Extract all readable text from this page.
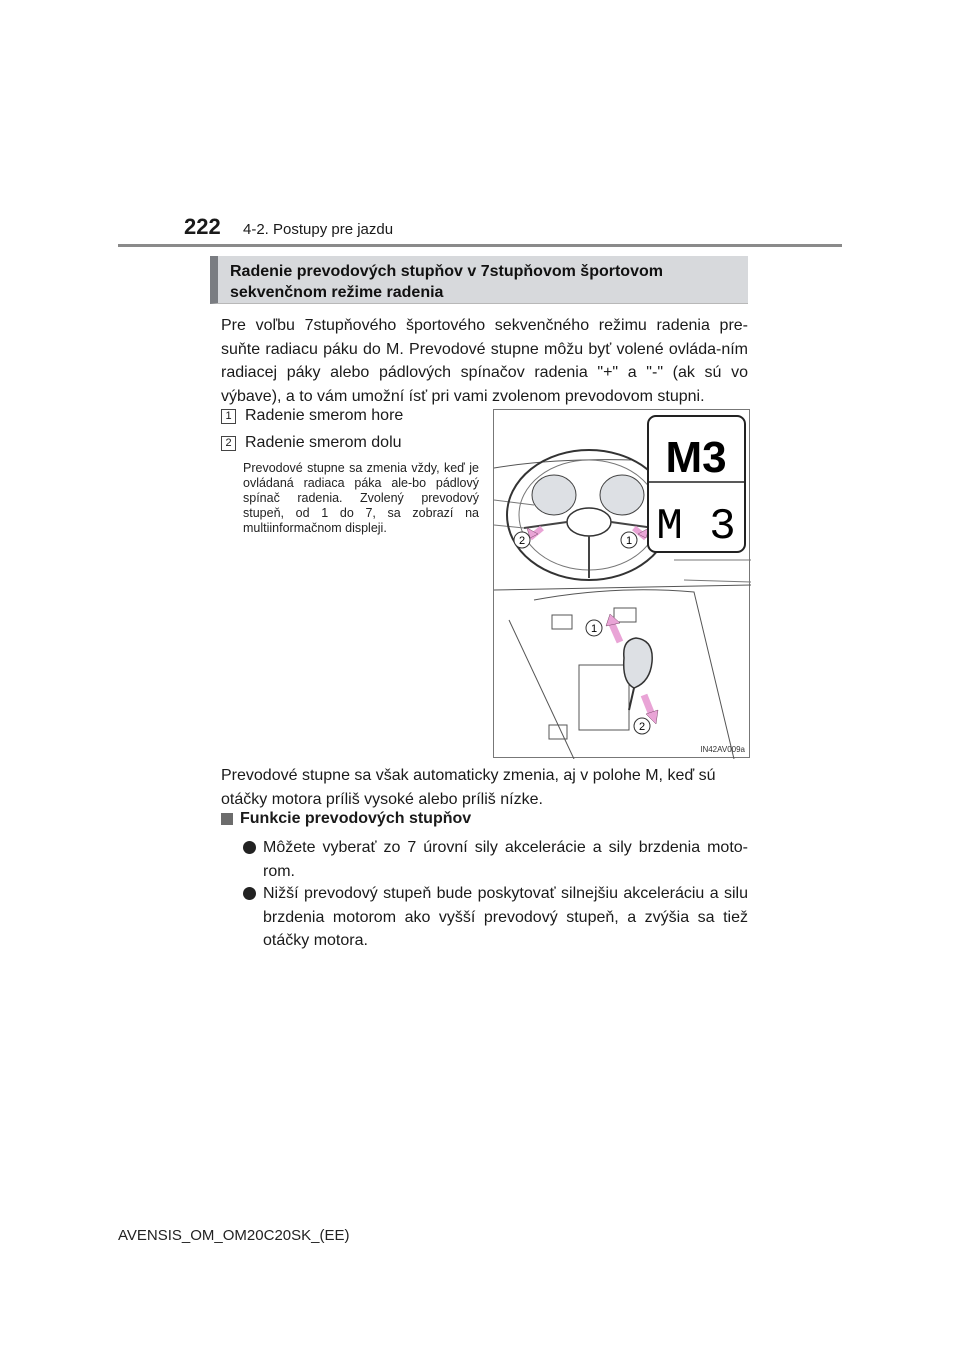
222 4-2. Postupy pre jazdu
Radenie prevodových stupňov v 7stupňovom športovom sekvenčnom režime radenia
Pre voľbu 7stupňového športového sekvenčného režimu radenia pre-suňte radiacu páku do M. Prevodové stupne môžu byť volené ovláda-ním radiacej páky alebo pádlových spínačov radenia "+" a "-" (ak sú vo výbave), a to vám umožní ísť pri vami zvolenom prevodovom stupni.
1 Radenie smerom hore
2 Radenie smerom dolu
Prevodové stupne sa zmenia vždy, keď je ovládaná radiaca páka ale-bo pádlový spínač radenia. Zvolený prevodový stupeň, od 1 do 7, sa zobrazí na multiinformačnom displeji.
2	1
M3
M 3
1
2
IN42AV009a
Prevodové stupne sa však automaticky zmenia, aj v polohe M, keď sú otáčky motora príliš vysoké alebo príliš nízke.
Funkcie prevodových stupňov
Môžete vyberať zo 7 úrovní sily akcelerácie a sily brzdenia moto-rom.
Nižší prevodový stupeň bude poskytovať silnejšiu akceleráciu a silu brzdenia motorom ako vyšší prevodový stupeň, a zvýšia sa tiež otáčky motora.
AVENSIS_OM_OM20C20SK_(EE)
